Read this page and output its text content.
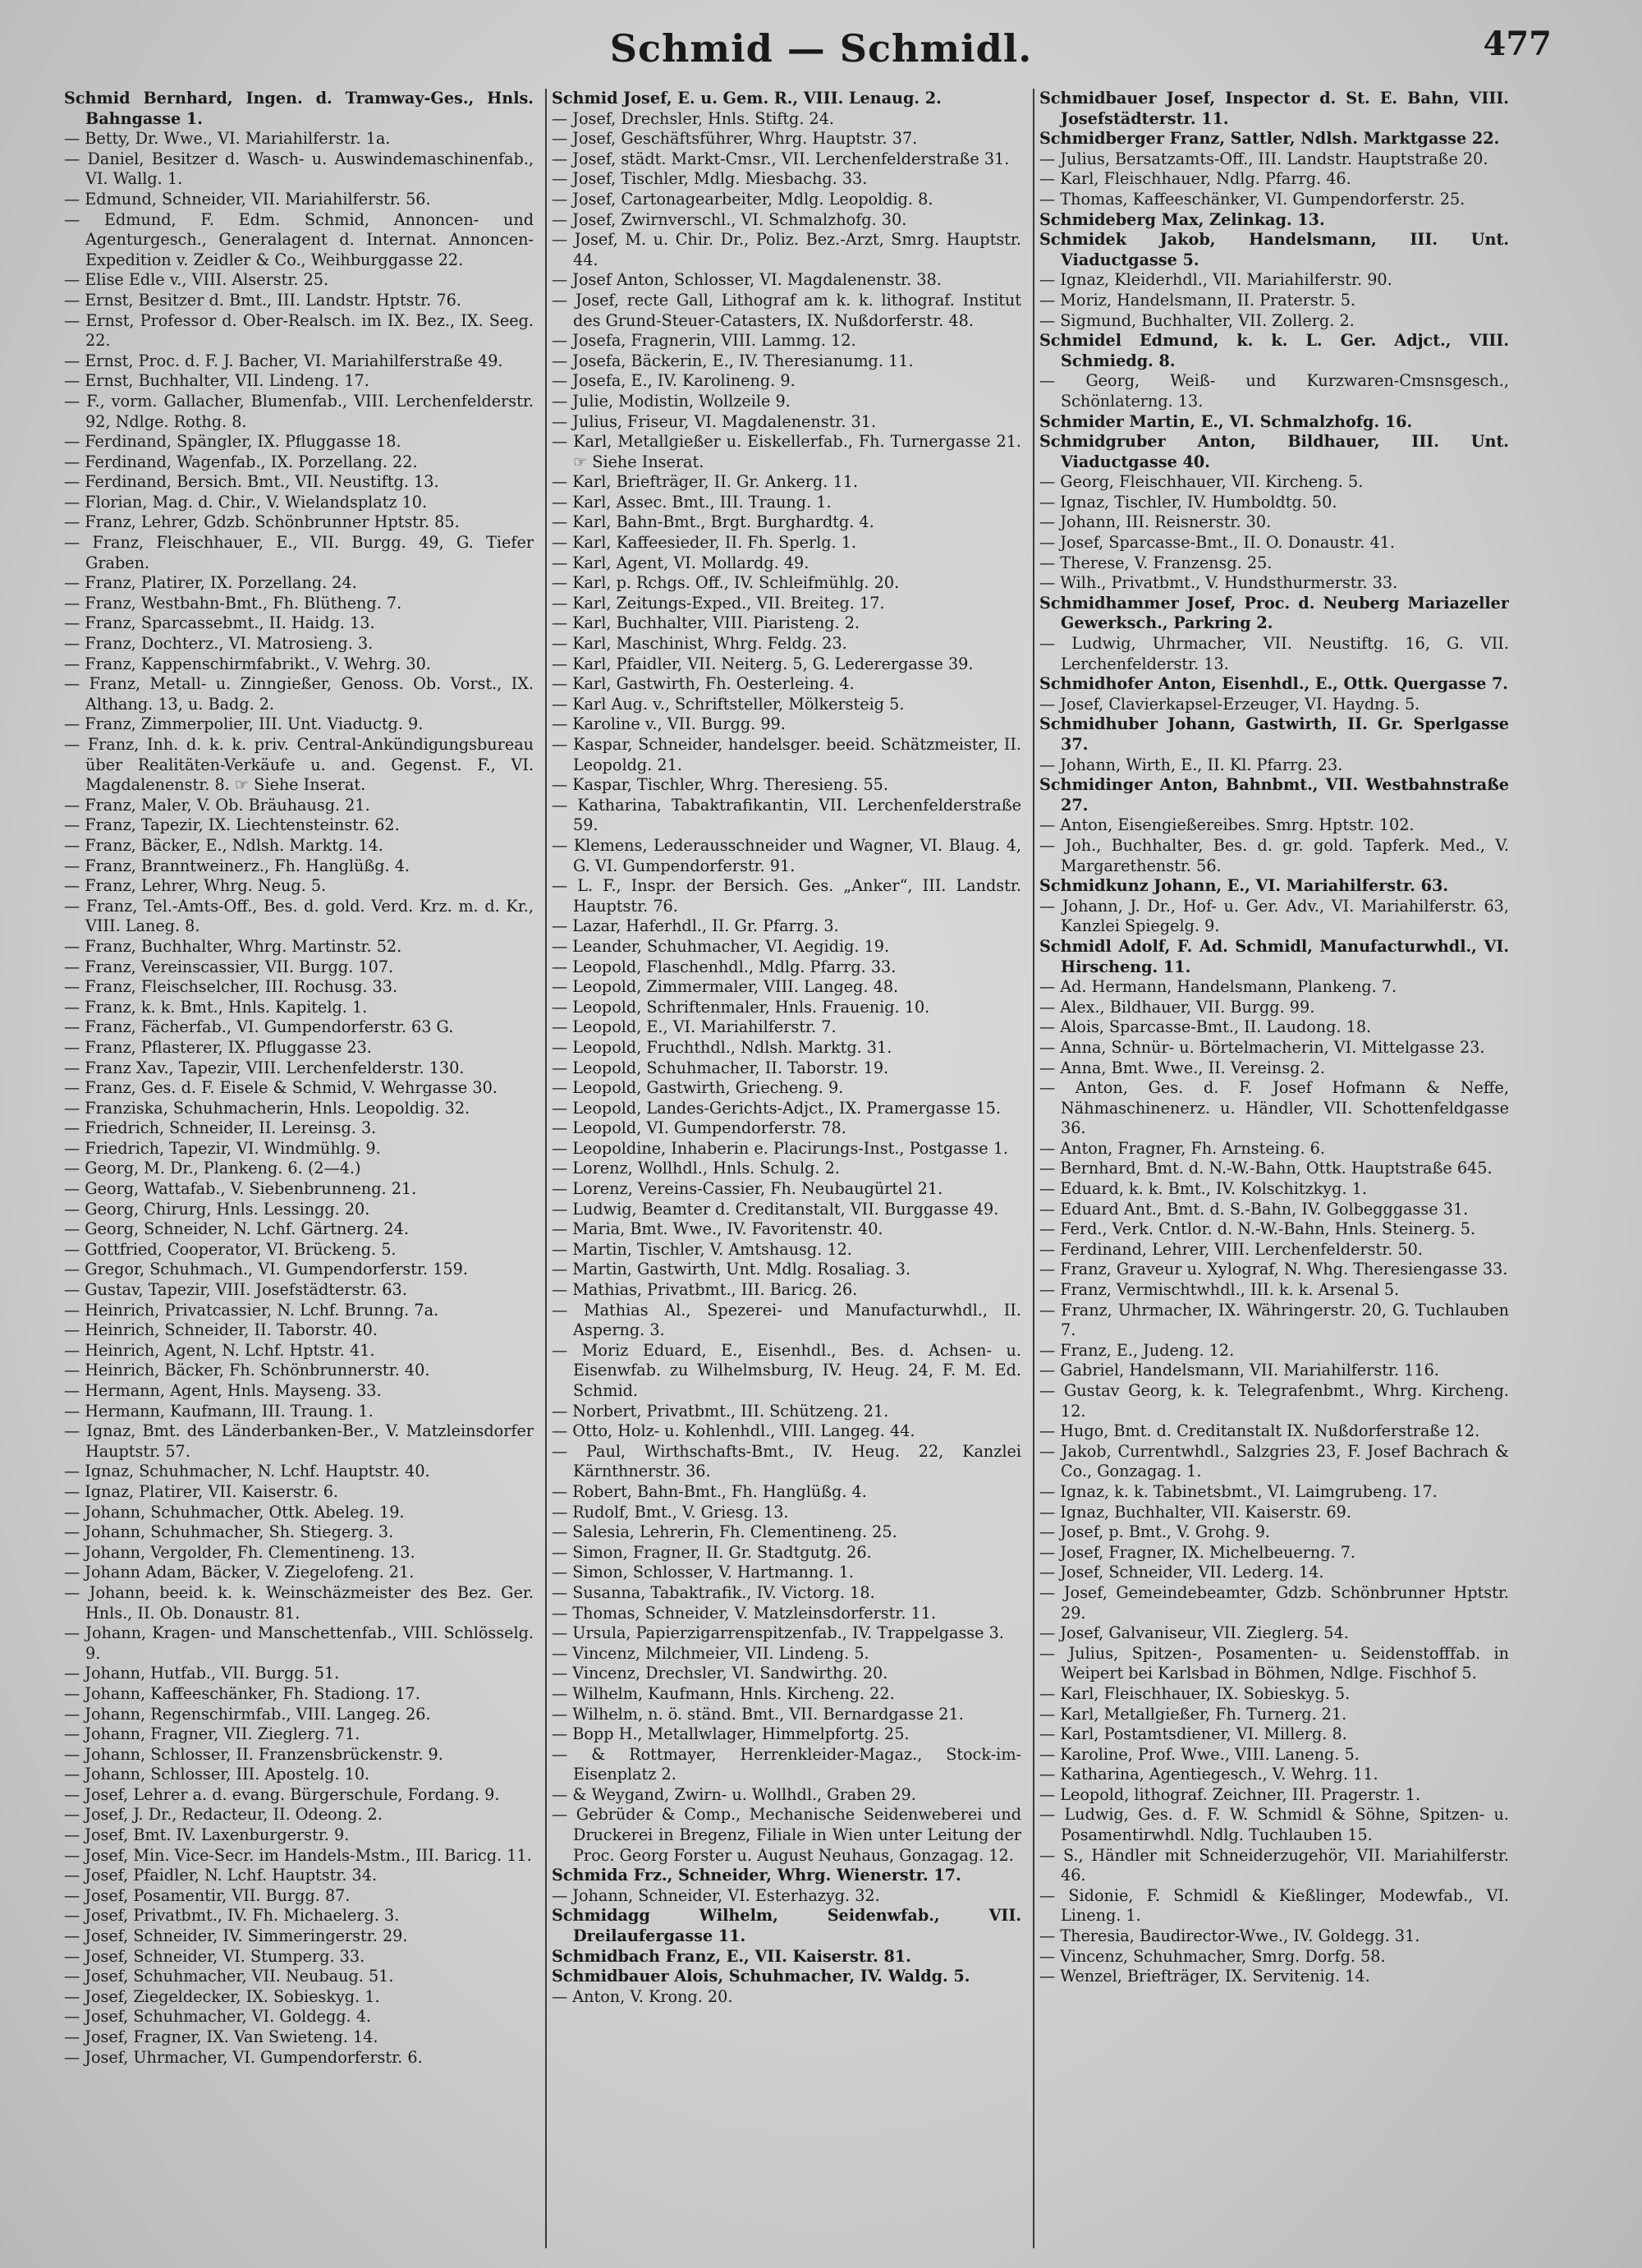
Schmid — Schmidl.	477

Schmid Bernhard, Ingen. d. Tramway-Ges., Hnls. Bahngasse 1.

— Betty, Dr. Wwe., VI. Mariahilferstr. 1a.

— Daniel, Besitzer d. Wasch- u. Auswindemaschinenfab., VI. Wallg. 1.

— Edmund, Schneider, VII. Mariahilferstr. 56.

— Edmund, F. Edm. Schmid, Annoncen- und Agenturgesch., Generalagent d. Internat. Annoncen-Expedition v. Zeidler & Co., Weihburggasse 22.

— Elise Edle v., VIII. Alserstr. 25.

— Ernst, Besitzer d. Bmt., III. Landstr. Hptstr. 76.

— Ernst, Professor d. Ober-Realsch. im IX. Bez., IX. Seeg. 22.

— Ernst, Proc. d. F. J. Bacher, VI. Mariahilferstraße 49.

— Ernst, Buchhalter, VII. Lindeng. 17.

— F., vorm. Gallacher, Blumenfab., VIII. Lerchenfelderstr. 92, Ndlge. Rothg. 8.

— Ferdinand, Spängler, IX. Pfluggasse 18.

— Ferdinand, Wagenfab., IX. Porzellang. 22.

— Ferdinand, Bersich. Bmt., VII. Neustiftg. 13.

— Florian, Mag. d. Chir., V. Wielandsplatz 10.

— Franz, Lehrer, Gdzb. Schönbrunner Hptstr. 85.

— Franz, Fleischhauer, E., VII. Burgg. 49, G. Tiefer Graben.

— Franz, Platirer, IX. Porzellang. 24.

— Franz, Westbahn-Bmt., Fh. Blütheng. 7.

— Franz, Sparcassebmt., II. Haidg. 13.

— Franz, Dochterz., VI. Matrosieng. 3.

— Franz, Kappenschirmfabrikt., V. Wehrg. 30.

— Franz, Metall- u. Zinngießer, Genoss. Ob. Vorst., IX. Althang. 13, u. Badg. 2.

— Franz, Zimmerpolier, III. Unt. Viaductg. 9.

— Franz, Inh. d. k. k. priv. Central-Ankündigungsbureau über Realitäten-Verkäufe u. and. Gegenst. F., VI. Magdalenenstr. 8. ☞ Siehe Inserat.

— Franz, Maler, V. Ob. Bräuhausg. 21.

— Franz, Tapezir, IX. Liechtensteinstr. 62.

— Franz, Bäcker, E., Ndlsh. Marktg. 14.

— Franz, Branntweinerz., Fh. Hanglüßg. 4.

— Franz, Lehrer, Whrg. Neug. 5.

— Franz, Tel.-Amts-Off., Bes. d. gold. Verd. Krz. m. d. Kr., VIII. Laneg. 8.

— Franz, Buchhalter, Whrg. Martinstr. 52.

— Franz, Vereinscassier, VII. Burgg. 107.

— Franz, Fleischselcher, III. Rochusg. 33.

— Franz, k. k. Bmt., Hnls. Kapitelg. 1.

— Franz, Fächerfab., VI. Gumpendorferstr. 63 G.

— Franz, Pflasterer, IX. Pfluggasse 23.

— Franz Xav., Tapezir, VIII. Lerchenfelderstr. 130.

— Franz, Ges. d. F. Eisele & Schmid, V. Wehrgasse 30.

— Franziska, Schuhmacherin, Hnls. Leopoldig. 32.

— Friedrich, Schneider, II. Lereinsg. 3.

— Friedrich, Tapezir, VI. Windmühlg. 9.

— Georg, M. Dr., Plankeng. 6. (2—4.)

— Georg, Wattafab., V. Siebenbrunneng. 21.

— Georg, Chirurg, Hnls. Lessingg. 20.

— Georg, Schneider, N. Lchf. Gärtnerg. 24.

— Gottfried, Cooperator, VI. Brückeng. 5.

— Gregor, Schuhmach., VI. Gumpendorferstr. 159.

— Gustav, Tapezir, VIII. Josefstädterstr. 63.

— Heinrich, Privatcassier, N. Lchf. Brunng. 7a.

— Heinrich, Schneider, II. Taborstr. 40.

— Heinrich, Agent, N. Lchf. Hptstr. 41.

— Heinrich, Bäcker, Fh. Schönbrunnerstr. 40.

— Hermann, Agent, Hnls. Mayseng. 33.

— Hermann, Kaufmann, III. Traung. 1.

— Ignaz, Bmt. des Länderbanken-Ber., V. Matzleinsdorfer Hauptstr. 57.

— Ignaz, Schuhmacher, N. Lchf. Hauptstr. 40.

— Ignaz, Platirer, VII. Kaiserstr. 6.

— Johann, Schuhmacher, Ottk. Abeleg. 19.

— Johann, Schuhmacher, Sh. Stiegerg. 3.

— Johann, Vergolder, Fh. Clementineng. 13.

— Johann Adam, Bäcker, V. Ziegelofeng. 21.

— Johann, beeid. k. k. Weinschäzmeister des Bez. Ger. Hnls., II. Ob. Donaustr. 81.

— Johann, Kragen- und Manschettenfab., VIII. Schlösselg. 9.

— Johann, Hutfab., VII. Burgg. 51.

— Johann, Kaffeeschänker, Fh. Stadiong. 17.

— Johann, Regenschirmfab., VIII. Langeg. 26.

— Johann, Fragner, VII. Zieglerg. 71.

— Johann, Schlosser, II. Franzensbrückenstr. 9.

— Johann, Schlosser, III. Apostelg. 10.

— Josef, Lehrer a. d. evang. Bürgerschule, Fordang. 9.

— Josef, J. Dr., Redacteur, II. Odeong. 2.

— Josef, Bmt. IV. Laxenburgerstr. 9.

— Josef, Min. Vice-Secr. im Handels-Mstm., III. Baricg. 11.

— Josef, Pfaidler, N. Lchf. Hauptstr. 34.

— Josef, Posamentir, VII. Burgg. 87.

— Josef, Privatbmt., IV. Fh. Michaelerg. 3.

— Josef, Schneider, IV. Simmeringerstr. 29.

— Josef, Schneider, VI. Stumperg. 33.

— Josef, Schuhmacher, VII. Neubaug. 51.

— Josef, Ziegeldecker, IX. Sobieskyg. 1.

— Josef, Schuhmacher, VI. Goldegg. 4.

— Josef, Fragner, IX. Van Swieteng. 14.

— Josef, Uhrmacher, VI. Gumpendorferstr. 6.

Schmid Josef, E. u. Gem. R., VIII. Lenaug. 2.

— Josef, Drechsler, Hnls. Stiftg. 24.

— Josef, Geschäftsführer, Whrg. Hauptstr. 37.

— Josef, städt. Markt-Cmsr., VII. Lerchenfelderstraße 31.

— Josef, Tischler, Mdlg. Miesbachg. 33.

— Josef, Cartonagearbeiter, Mdlg. Leopoldig. 8.

— Josef, Zwirnverschl., VI. Schmalzhofg. 30.

— Josef, M. u. Chir. Dr., Poliz. Bez.-Arzt, Smrg. Hauptstr. 44.

— Josef Anton, Schlosser, VI. Magdalenenstr. 38.

— Josef, recte Gall, Lithograf am k. k. lithograf. Institut des Grund-Steuer-Catasters, IX. Nußdorferstr. 48.

— Josefa, Fragnerin, VIII. Lammg. 12.

— Josefa, Bäckerin, E., IV. Theresianumg. 11.

— Josefa, E., IV. Karolineng. 9.

— Julie, Modistin, Wollzeile 9.

— Julius, Friseur, VI. Magdalenenstr. 31.

— Karl, Metallgießer u. Eiskellerfab., Fh. Turnergasse 21. ☞ Siehe Inserat.

— Karl, Briefträger, II. Gr. Ankerg. 11.

— Karl, Assec. Bmt., III. Traung. 1.

— Karl, Bahn-Bmt., Brgt. Burghardtg. 4.

— Karl, Kaffeesieder, II. Fh. Sperlg. 1.

— Karl, Agent, VI. Mollardg. 49.

— Karl, p. Rchgs. Off., IV. Schleifmühlg. 20.

— Karl, Zeitungs-Exped., VII. Breiteg. 17.

— Karl, Buchhalter, VIII. Piaristeng. 2.

— Karl, Maschinist, Whrg. Feldg. 23.

— Karl, Pfaidler, VII. Neiterg. 5, G. Lederergasse 39.

— Karl, Gastwirth, Fh. Oesterleing. 4.

— Karl Aug. v., Schriftsteller, Mölkersteig 5.

— Karoline v., VII. Burgg. 99.

— Kaspar, Schneider, handelsger. beeid. Schätzmeister, II. Leopoldg. 21.

— Kaspar, Tischler, Whrg. Theresieng. 55.

— Katharina, Tabaktrafikantin, VII. Lerchenfelderstraße 59.

— Klemens, Lederausschneider und Wagner, VI. Blaug. 4, G. VI. Gumpendorferstr. 91.

— L. F., Inspr. der Bersich. Ges. „Anker“, III. Landstr. Hauptstr. 76.

— Lazar, Haferhdl., II. Gr. Pfarrg. 3.

— Leander, Schuhmacher, VI. Aegidig. 19.

— Leopold, Flaschenhdl., Mdlg. Pfarrg. 33.

— Leopold, Zimmermaler, VIII. Langeg. 48.

— Leopold, Schriftenmaler, Hnls. Frauenig. 10.

— Leopold, E., VI. Mariahilferstr. 7.

— Leopold, Fruchthdl., Ndlsh. Marktg. 31.

— Leopold, Schuhmacher, II. Taborstr. 19.

— Leopold, Gastwirth, Griecheng. 9.

— Leopold, Landes-Gerichts-Adjct., IX. Pramergasse 15.

— Leopold, VI. Gumpendorferstr. 78.

— Leopoldine, Inhaberin e. Placirungs-Inst., Postgasse 1.

— Lorenz, Wollhdl., Hnls. Schulg. 2.

— Lorenz, Vereins-Cassier, Fh. Neubaugürtel 21.

— Ludwig, Beamter d. Creditanstalt, VII. Burggasse 49.

— Maria, Bmt. Wwe., IV. Favoritenstr. 40.

— Martin, Tischler, V. Amtshausg. 12.

— Martin, Gastwirth, Unt. Mdlg. Rosaliag. 3.

— Mathias, Privatbmt., III. Baricg. 26.

— Mathias Al., Spezerei- und Manufacturwhdl., II. Asperng. 3.

— Moriz Eduard, E., Eisenhdl., Bes. d. Achsen- u. Eisenwfab. zu Wilhelmsburg, IV. Heug. 24, F. M. Ed. Schmid.

— Norbert, Privatbmt., III. Schützeng. 21.

— Otto, Holz- u. Kohlenhdl., VIII. Langeg. 44.

— Paul, Wirthschafts-Bmt., IV. Heug. 22, Kanzlei Kärnthnerstr. 36.

— Robert, Bahn-Bmt., Fh. Hanglüßg. 4.

— Rudolf, Bmt., V. Griesg. 13.

— Salesia, Lehrerin, Fh. Clementineng. 25.

— Simon, Fragner, II. Gr. Stadtgutg. 26.

— Simon, Schlosser, V. Hartmanng. 1.

— Susanna, Tabaktrafik., IV. Victorg. 18.

— Thomas, Schneider, V. Matzleinsdorferstr. 11.

— Ursula, Papierzigarrenspitzenfab., IV. Trappelgasse 3.

— Vincenz, Milchmeier, VII. Lindeng. 5.

— Vincenz, Drechsler, VI. Sandwirthg. 20.

— Wilhelm, Kaufmann, Hnls. Kircheng. 22.

— Wilhelm, n. ö. ständ. Bmt., VII. Bernardgasse 21.

— Bopp H., Metallwlager, Himmelpfortg. 25.

— & Rottmayer, Herrenkleider-Magaz., Stock-im-Eisenplatz 2.

— & Weygand, Zwirn- u. Wollhdl., Graben 29.

— Gebrüder & Comp., Mechanische Seidenweberei und Druckerei in Bregenz, Filiale in Wien unter Leitung der Proc. Georg Forster u. August Neuhaus, Gonzagag. 12.

Schmida Frz., Schneider, Whrg. Wienerstr. 17.

— Johann, Schneider, VI. Esterhazyg. 32.

Schmidagg Wilhelm, Seidenwfab., VII. Dreilaufergasse 11.

Schmidbach Franz, E., VII. Kaiserstr. 81.

Schmidbauer Alois, Schuhmacher, IV. Waldg. 5.

— Anton, V. Krong. 20.

Schmidbauer Josef, Inspector d. St. E. Bahn, VIII. Josefstädterstr. 11.

Schmidberger Franz, Sattler, Ndlsh. Marktgasse 22.

— Julius, Bersatzamts-Off., III. Landstr. Hauptstraße 20.

— Karl, Fleischhauer, Ndlg. Pfarrg. 46.

— Thomas, Kaffeeschänker, VI. Gumpendorferstr. 25.

Schmideberg Max, Zelinkag. 13.

Schmidek Jakob, Handelsmann, III. Unt. Viaductgasse 5.

— Ignaz, Kleiderhdl., VII. Mariahilferstr. 90.

— Moriz, Handelsmann, II. Praterstr. 5.

— Sigmund, Buchhalter, VII. Zollerg. 2.

Schmidel Edmund, k. k. L. Ger. Adjct., VIII. Schmiedg. 8.

— Georg, Weiß- und Kurzwaren-Cmsnsgesch., Schönlaterng. 13.

Schmider Martin, E., VI. Schmalzhofg. 16.

Schmidgruber Anton, Bildhauer, III. Unt. Viaductgasse 40.

— Georg, Fleischhauer, VII. Kircheng. 5.

— Ignaz, Tischler, IV. Humboldtg. 50.

— Johann, III. Reisnerstr. 30.

— Josef, Sparcasse-Bmt., II. O. Donaustr. 41.

— Therese, V. Franzensg. 25.

— Wilh., Privatbmt., V. Hundsthurmerstr. 33.

Schmidhammer Josef, Proc. d. Neuberg Mariazeller Gewerksch., Parkring 2.

— Ludwig, Uhrmacher, VII. Neustiftg. 16, G. VII. Lerchenfelderstr. 13.

Schmidhofer Anton, Eisenhdl., E., Ottk. Quergasse 7.

— Josef, Clavierkapsel-Erzeuger, VI. Haydng. 5.

Schmidhuber Johann, Gastwirth, II. Gr. Sperlgasse 37.

— Johann, Wirth, E., II. Kl. Pfarrg. 23.

Schmidinger Anton, Bahnbmt., VII. Westbahnstraße 27.

— Anton, Eisengießereibes. Smrg. Hptstr. 102.

— Joh., Buchhalter, Bes. d. gr. gold. Tapferk. Med., V. Margarethenstr. 56.

Schmidkunz Johann, E., VI. Mariahilferstr. 63.

— Johann, J. Dr., Hof- u. Ger. Adv., VI. Mariahilferstr. 63, Kanzlei Spiegelg. 9.

Schmidl Adolf, F. Ad. Schmidl, Manufacturwhdl., VI. Hirscheng. 11.

— Ad. Hermann, Handelsmann, Plankeng. 7.

— Alex., Bildhauer, VII. Burgg. 99.

— Alois, Sparcasse-Bmt., II. Laudong. 18.

— Anna, Schnür- u. Börtelmacherin, VI. Mittelgasse 23.

— Anna, Bmt. Wwe., II. Vereinsg. 2.

— Anton, Ges. d. F. Josef Hofmann & Neffe, Nähmaschinenerz. u. Händler, VII. Schottenfeldgasse 36.

— Anton, Fragner, Fh. Arnsteing. 6.

— Bernhard, Bmt. d. N.-W.-Bahn, Ottk. Hauptstraße 645.

— Eduard, k. k. Bmt., IV. Kolschitzkyg. 1.

— Eduard Ant., Bmt. d. S.-Bahn, IV. Golbegggasse 31.

— Ferd., Verk. Cntlor. d. N.-W.-Bahn, Hnls. Steinerg. 5.

— Ferdinand, Lehrer, VIII. Lerchenfelderstr. 50.

— Franz, Graveur u. Xylograf, N. Whg. Theresiengasse 33.

— Franz, Vermischtwhdl., III. k. k. Arsenal 5.

— Franz, Uhrmacher, IX. Währingerstr. 20, G. Tuchlauben 7.

— Franz, E., Judeng. 12.

— Gabriel, Handelsmann, VII. Mariahilferstr. 116.

— Gustav Georg, k. k. Telegrafenbmt., Whrg. Kircheng. 12.

— Hugo, Bmt. d. Creditanstalt IX. Nußdorferstraße 12.

— Jakob, Currentwhdl., Salzgries 23, F. Josef Bachrach & Co., Gonzagag. 1.

— Ignaz, k. k. Tabinetsbmt., VI. Laimgrubeng. 17.

— Ignaz, Buchhalter, VII. Kaiserstr. 69.

— Josef, p. Bmt., V. Grohg. 9.

— Josef, Fragner, IX. Michelbeuerng. 7.

— Josef, Schneider, VII. Lederg. 14.

— Josef, Gemeindebeamter, Gdzb. Schönbrunner Hptstr. 29.

— Josef, Galvaniseur, VII. Zieglerg. 54.

— Julius, Spitzen-, Posamenten- u. Seidenstofffab. in Weipert bei Karlsbad in Böhmen, Ndlge. Fischhof 5.

— Karl, Fleischhauer, IX. Sobieskyg. 5.

— Karl, Metallgießer, Fh. Turnerg. 21.

— Karl, Postamtsdiener, VI. Millerg. 8.

— Karoline, Prof. Wwe., VIII. Laneng. 5.

— Katharina, Agentiegesch., V. Wehrg. 11.

— Leopold, lithograf. Zeichner, III. Pragerstr. 1.

— Ludwig, Ges. d. F. W. Schmidl & Söhne, Spitzen- u. Posamentirwhdl. Ndlg. Tuchlauben 15.

— S., Händler mit Schneiderzugehör, VII. Mariahilferstr. 46.

— Sidonie, F. Schmidl & Kießlinger, Modewfab., VI. Lineng. 1.

— Theresia, Baudirector-Wwe., IV. Goldegg. 31.

— Vincenz, Schuhmacher, Smrg. Dorfg. 58.

— Wenzel, Briefträger, IX. Servitenig. 14.
